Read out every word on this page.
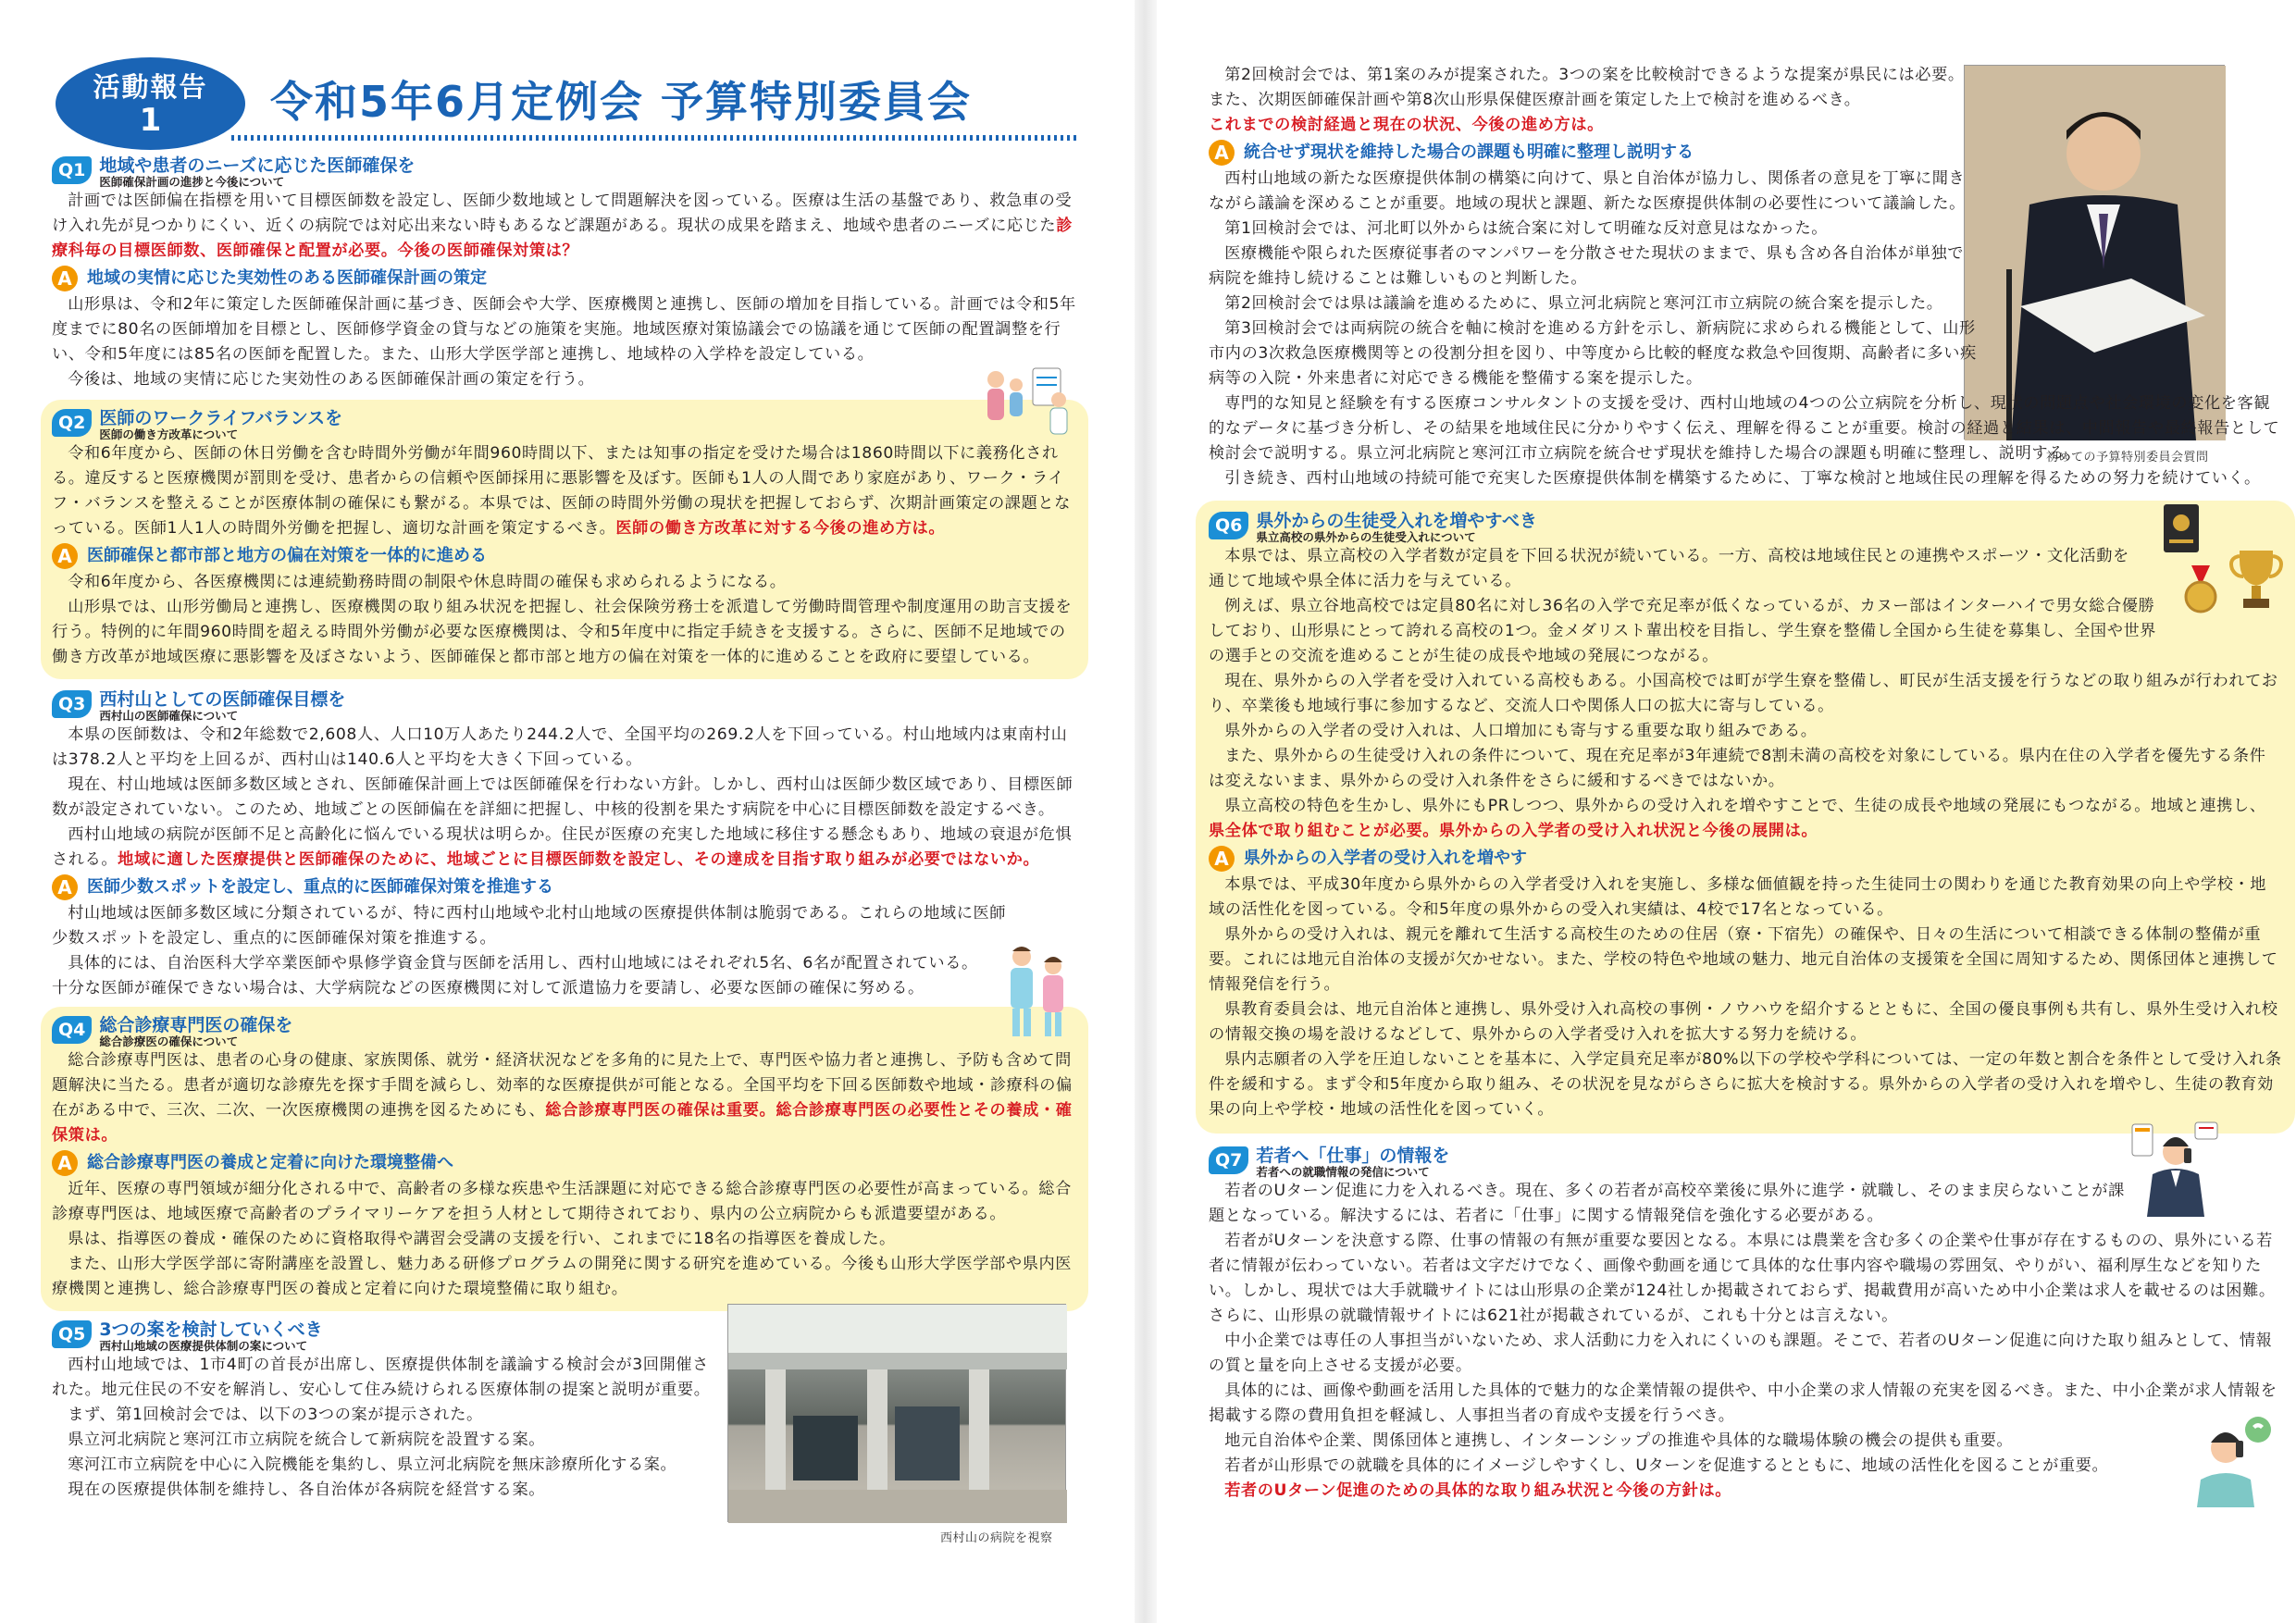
活動報告
1	令和5年6月定例会 予算特別委員会
Q1 地域や患者のニーズに応じた医師確保を
医師確保計画の進捗と今後について

計画では医師偏在指標を用いて目標医師数を設定し、医師少数地域として問題解決を図っている。医療は生活の基盤であり、救急車の受け入れ先が見つかりにくい、近くの病院では対応出来ない時もあるなど課題がある。現状の成果を踏まえ、地域や患者のニーズに応じた診療科毎の目標医師数、医師確保と配置が必要。今後の医師確保対策は？

A 地域の実情に応じた実効性のある医師確保計画の策定

山形県は、令和2年に策定した医師確保計画に基づき、医師会や大学、医療機関と連携し、医師の増加を目指している。計画では令和5年度までに80名の医師増加を目標とし、医師修学資金の貸与などの施策を実施。地域医療対策協議会での協議を通じて医師の配置調整を行い、令和5年度には85名の医師を配置した。また、山形大学医学部と連携し、地域枠の入学枠を設定している。

今後は、地域の実情に応じた実効性のある医師確保計画の策定を行う。

Q2 医師のワークライフバランスを
医師の働き方改革について

令和6年度から、医師の休日労働を含む時間外労働が年間960時間以下、または知事の指定を受けた場合は1860時間以下に義務化される。違反すると医療機関が罰則を受け、患者からの信頼や医師採用に悪影響を及ぼす。医師も1人の人間であり家庭があり、ワーク・ライフ・バランスを整えることが医療体制の確保にも繋がる。本県では、医師の時間外労働の現状を把握しておらず、次期計画策定の課題となっている。医師1人1人の時間外労働を把握し、適切な計画を策定するべき。医師の働き方改革に対する今後の進め方は。

A 医師確保と都市部と地方の偏在対策を一体的に進める

令和6年度から、各医療機関には連続勤務時間の制限や休息時間の確保も求められるようになる。

山形県では、山形労働局と連携し、医療機関の取り組み状況を把握し、社会保険労務士を派遣して労働時間管理や制度運用の助言支援を行う。特例的に年間960時間を超える時間外労働が必要な医療機関は、令和5年度中に指定手続きを支援する。さらに、医師不足地域での働き方改革が地域医療に悪影響を及ぼさないよう、医師確保と都市部と地方の偏在対策を一体的に進めることを政府に要望している。

Q3 西村山としての医師確保目標を
西村山の医師確保について

本県の医師数は、令和2年総数で2,608人、人口10万人あたり244.2人で、全国平均の269.2人を下回っている。村山地域内は東南村山は378.2人と平均を上回るが、西村山は140.6人と平均を大きく下回っている。

現在、村山地域は医師多数区域とされ、医師確保計画上では医師確保を行わない方針。しかし、西村山は医師少数区域であり、目標医師数が設定されていない。このため、地域ごとの医師偏在を詳細に把握し、中核的役割を果たす病院を中心に目標医師数を設定するべき。

西村山地域の病院が医師不足と高齢化に悩んでいる現状は明らか。住民が医療の充実した地域に移住する懸念もあり、地域の衰退が危惧される。地域に適した医療提供と医師確保のために、地域ごとに目標医師数を設定し、その達成を目指す取り組みが必要ではないか。

A 医師少数スポットを設定し、重点的に医師確保対策を推進する

村山地域は医師多数区域に分類されているが、特に西村山地域や北村山地域の医療提供体制は脆弱である。これらの地域に医師少数スポットを設定し、重点的に医師確保対策を推進する。

具体的には、自治医科大学卒業医師や県修学資金貸与医師を活用し、西村山地域にはそれぞれ5名、6名が配置されている。

十分な医師が確保できない場合は、大学病院などの医療機関に対して派遣協力を要請し、必要な医師の確保に努める。

Q4 総合診療専門医の確保を
総合診療医の確保について

総合診療専門医は、患者の心身の健康、家族関係、就労・経済状況などを多角的に見た上で、専門医や協力者と連携し、予防も含めて問題解決に当たる。患者が適切な診療先を探す手間を減らし、効率的な医療提供が可能となる。全国平均を下回る医師数や地域・診療科の偏在がある中で、三次、二次、一次医療機関の連携を図るためにも、総合診療専門医の確保は重要。総合診療専門医の必要性とその養成・確保策は。

A 総合診療専門医の養成と定着に向けた環境整備へ

近年、医療の専門領域が細分化される中で、高齢者の多様な疾患や生活課題に対応できる総合診療専門医の必要性が高まっている。総合診療専門医は、地域医療で高齢者のプライマリーケアを担う人材として期待されており、県内の公立病院からも派遣要望がある。

県は、指導医の養成・確保のために資格取得や講習会受講の支援を行い、これまでに18名の指導医を養成した。

また、山形大学医学部に寄附講座を設置し、魅力ある研修プログラムの開発に関する研究を進めている。今後も山形大学医学部や県内医療機関と連携し、総合診療専門医の養成と定着に向けた環境整備に取り組む。

Q5 3つの案を検討していくべき
西村山地域の医療提供体制の案について

西村山地域では、1市4町の首長が出席し、医療提供体制を議論する検討会が3回開催された。地元住民の不安を解消し、安心して住み続けられる医療体制の提案と説明が重要。

まず、第1回検討会では、以下の3つの案が提示された。

県立河北病院と寒河江市立病院を統合して新病院を設置する案。

寒河江市立病院を中心に入院機能を集約し、県立河北病院を無床診療所化する案。

現在の医療提供体制を維持し、各自治体が各病院を経営する案。

西村山の病院を視察
初めての予算特別委員会質問

第2回検討会では、第1案のみが提案された。3つの案を比較検討できるような提案が県民には必要。

また、次期医師確保計画や第8次山形県保健医療計画を策定した上で検討を進めるべき。

これまでの検討経過と現在の状況、今後の進め方は。

A 統合せず現状を維持した場合の課題も明確に整理し説明する

西村山地域の新たな医療提供体制の構築に向けて、県と自治体が協力し、関係者の意見を丁寧に聞きながら議論を深めることが重要。地域の現状と課題、新たな医療提供体制の必要性について議論した。

第1回検討会では、河北町以外からは統合案に対して明確な反対意見はなかった。

医療機能や限られた医療従事者のマンパワーを分散させた現状のままで、県も含め各自治体が単独で病院を維持し続けることは難しいものと判断した。

第2回検討会では県は議論を進めるために、県立河北病院と寒河江市立病院の統合案を提示した。

第3回検討会では両病院の統合を軸に検討を進める方針を示し、新病院に求められる機能として、山形市内の3次救急医療機関等との役割分担を図り、中等度から比較的軽度な救急や回復期、高齢者に多い疾病等の入院・外来患者に対応できる機能を整備する案を提示した。

専門的な知見と経験を有する医療コンサルタントの支援を受け、西村山地域の4つの公立病院を分析し、現状の問題点や社会環境の変化を客観的なデータに基づき分析し、その結果を地域住民に分かりやすく伝え、理解を得ることが重要。検討の経過と結果は、中間報告や最終報告として検討会で説明する。県立河北病院と寒河江市立病院を統合せず現状を維持した場合の課題も明確に整理し、説明する。

引き続き、西村山地域の持続可能で充実した医療提供体制を構築するために、丁寧な検討と地域住民の理解を得るための努力を続けていく。

Q6 県外からの生徒受入れを増やすべき
県立高校の県外からの生徒受入れについて

本県では、県立高校の入学者数が定員を下回る状況が続いている。一方、高校は地域住民との連携やスポーツ・文化活動を通じて地域や県全体に活力を与えている。

例えば、県立谷地高校では定員80名に対し36名の入学で充足率が低くなっているが、カヌー部はインターハイで男女総合優勝しており、山形県にとって誇れる高校の1つ。金メダリスト輩出校を目指し、学生寮を整備し全国から生徒を募集し、全国や世界の選手との交流を進めることが生徒の成長や地域の発展につながる。

現在、県外からの入学者を受け入れている高校もある。小国高校では町が学生寮を整備し、町民が生活支援を行うなどの取り組みが行われており、卒業後も地域行事に参加するなど、交流人口や関係人口の拡大に寄与している。

県外からの入学者の受け入れは、人口増加にも寄与する重要な取り組みである。

また、県外からの生徒受け入れの条件について、現在充足率が3年連続で8割未満の高校を対象にしている。県内在住の入学者を優先する条件は変えないまま、県外からの受け入れ条件をさらに緩和するべきではないか。

県立高校の特色を生かし、県外にもPRしつつ、県外からの受け入れを増やすことで、生徒の成長や地域の発展にもつながる。地域と連携し、県全体で取り組むことが必要。県外からの入学者の受け入れ状況と今後の展開は。

A 県外からの入学者の受け入れを増やす

本県では、平成30年度から県外からの入学者受け入れを実施し、多様な価値観を持った生徒同士の関わりを通じた教育効果の向上や学校・地域の活性化を図っている。令和5年度の県外からの受入れ実績は、4校で17名となっている。

県外からの受け入れは、親元を離れて生活する高校生のための住居（寮・下宿先）の確保や、日々の生活について相談できる体制の整備が重要。これには地元自治体の支援が欠かせない。また、学校の特色や地域の魅力、地元自治体の支援策を全国に周知するため、関係団体と連携して情報発信を行う。

県教育委員会は、地元自治体と連携し、県外受け入れ高校の事例・ノウハウを紹介するとともに、全国の優良事例も共有し、県外生受け入れ校の情報交換の場を設けるなどして、県外からの入学者受け入れを拡大する努力を続ける。

県内志願者の入学を圧迫しないことを基本に、入学定員充足率が80%以下の学校や学科については、一定の年数と割合を条件として受け入れ条件を緩和する。まず令和5年度から取り組み、その状況を見ながらさらに拡大を検討する。県外からの入学者の受け入れを増やし、生徒の教育効果の向上や学校・地域の活性化を図っていく。

Q7 若者へ「仕事」の情報を
若者への就職情報の発信について

若者のUターン促進に力を入れるべき。現在、多くの若者が高校卒業後に県外に進学・就職し、そのまま戻らないことが課題となっている。解決するには、若者に「仕事」に関する情報発信を強化する必要がある。

若者がUターンを決意する際、仕事の情報の有無が重要な要因となる。本県には農業を含む多くの企業や仕事が存在するものの、県外にいる若者に情報が伝わっていない。若者は文字だけでなく、画像や動画を通じて具体的な仕事内容や職場の雰囲気、やりがい、福利厚生などを知りたい。しかし、現状では大手就職サイトには山形県の企業が124社しか掲載されておらず、掲載費用が高いため中小企業は求人を載せるのは困難。さらに、山形県の就職情報サイトには621社が掲載されているが、これも十分とは言えない。

中小企業では専任の人事担当がいないため、求人活動に力を入れにくいのも課題。そこで、若者のUターン促進に向けた取り組みとして、情報の質と量を向上させる支援が必要。

具体的には、画像や動画を活用した具体的で魅力的な企業情報の提供や、中小企業の求人情報の充実を図るべき。また、中小企業が求人情報を掲載する際の費用負担を軽減し、人事担当者の育成や支援を行うべき。

地元自治体や企業、関係団体と連携し、インターンシップの推進や具体的な職場体験の機会の提供も重要。

若者が山形県での就職を具体的にイメージしやすくし、Uターンを促進するとともに、地域の活性化を図ることが重要。

若者のUターン促進のための具体的な取り組み状況と今後の方針は。
